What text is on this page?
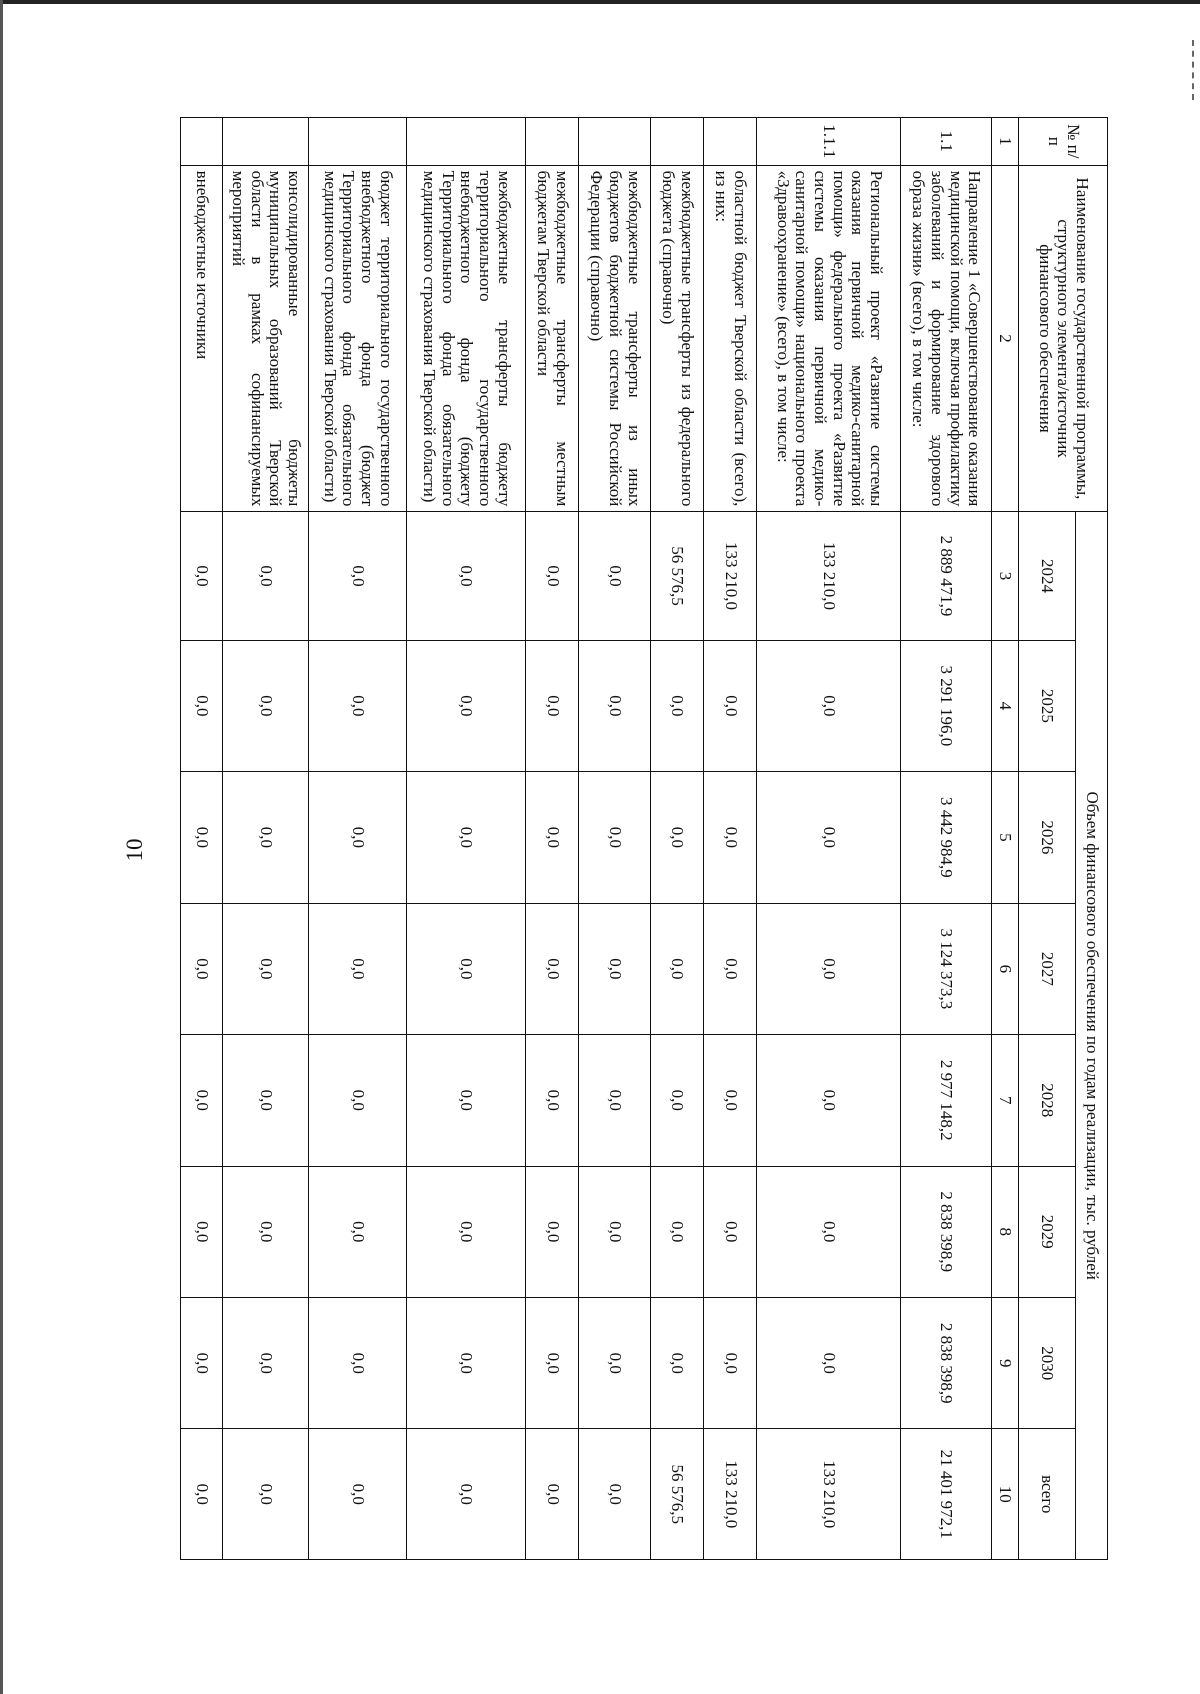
10
№ п/п	Наименование государственной программы, структурного элемента/источник финансового обеспечения	Объем финансового обеспечения по годам реализации, тыс. рублей							
		2024	2025	2026	2027	2028	2029	2030	всего
1	2	3	4	5	6	7	8	9	10
1.1	Направление 1 «Совершенствование оказания медицинской помощи, включая профилактику заболеваний и формирование здорового образа жизни» (всего), в том числе:	2 889 471,9	3 291 196,0	3 442 984,9	3 124 373,3	2 977 148,2	2 838 398,9	2 838 398,9	21 401 972,1
1.1.1	Региональный проект «Развитие системы оказания первичной медико-санитарной помощи» федерального проекта «Развитие системы оказания первичной медико-санитарной помощи» национального проекта «Здравоохранение» (всего), в том числе:	133 210,0	0,0	0,0	0,0	0,0	0,0	0,0	133 210,0
	областной бюджет Тверской области (всего), из них:	133 210,0	0,0	0,0	0,0	0,0	0,0	0,0	133 210,0
	межбюджетные трансферты из федерального бюджета (справочно)	56 576,5	0,0	0,0	0,0	0,0	0,0	0,0	56 576,5
	межбюджетные трансферты из иных бюджетов бюджетной системы Российской Федерации (справочно)	0,0	0,0	0,0	0,0	0,0	0,0	0,0	0,0
	межбюджетные трансферты местным бюджетам Тверской области	0,0	0,0	0,0	0,0	0,0	0,0	0,0	0,0
	межбюджетные трансферты бюджету территориального государственного внебюджетного фонда (бюджету Территориального фонда обязательного медицинского страхования Тверской области)	0,0	0,0	0,0	0,0	0,0	0,0	0,0	0,0
	бюджет территориального государственного внебюджетного фонда (бюджет Территориального фонда обязательного медицинского страхования Тверской области)	0,0	0,0	0,0	0,0	0,0	0,0	0,0	0,0
	консолидированные бюджеты муниципальных образований Тверской области в рамках софинансируемых мероприятий	0,0	0,0	0,0	0,0	0,0	0,0	0,0	0,0
	внебюджетные источники	0,0	0,0	0,0	0,0	0,0	0,0	0,0	0,0
